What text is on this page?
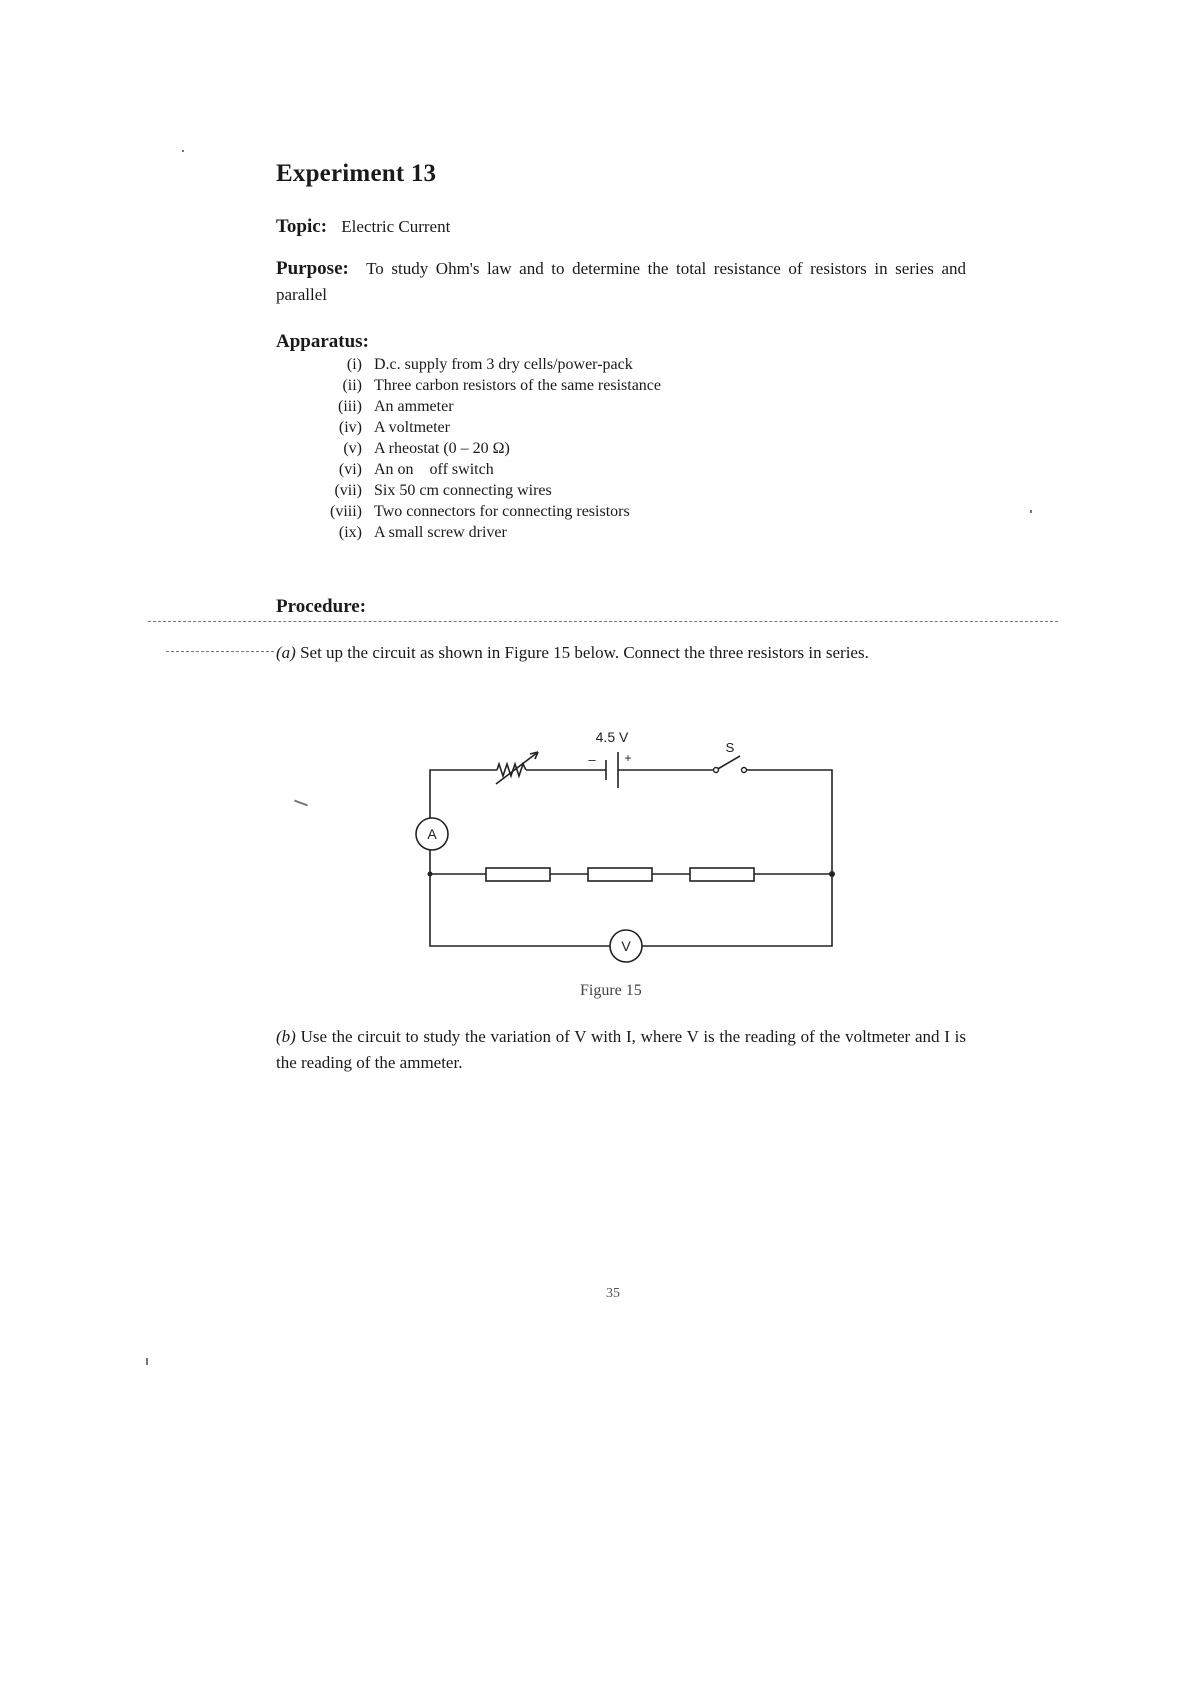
Experiment 13
Topic: Electric Current
Purpose: To study Ohm's law and to determine the total resistance of resistors in series and parallel
Apparatus:
(i) D.c. supply from 3 dry cells/power-pack
(ii) Three carbon resistors of the same resistance
(iii) An ammeter
(iv) A voltmeter
(v) A rheostat (0 – 20 Ω)
(vi) An on    off switch
(vii) Six 50 cm connecting wires
(viii) Two connectors for connecting resistors
(ix) A small screw driver
Procedure:
(a) Set up the circuit as shown in Figure 15 below. Connect the three resistors in series.
4.5 V
– +
S
A
V
Figure 15
(b) Use the circuit to study the variation of V with I, where V is the reading of the voltmeter and I is the reading of the ammeter.
35
